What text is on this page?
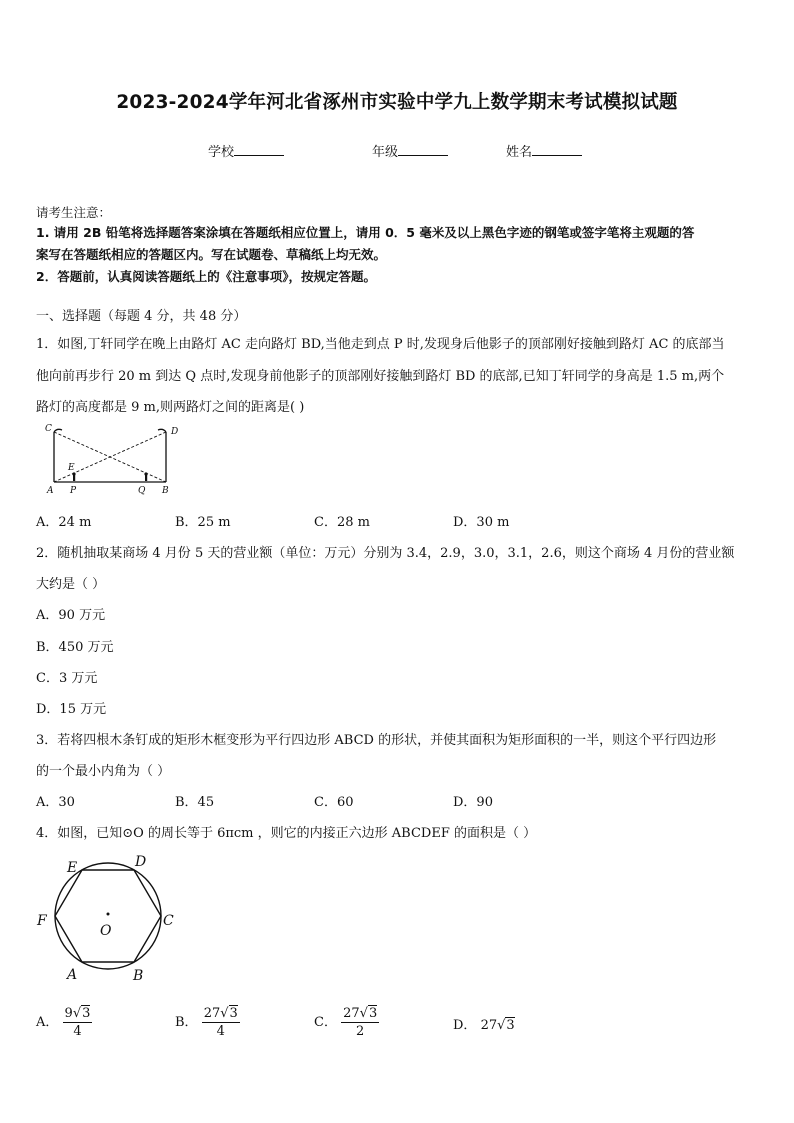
2023-2024学年河北省涿州市实验中学九上数学期末考试模拟试题
学校	年级	姓名
请考生注意：
1. 请用 2B 铅笔将选择题答案涂填在答题纸相应位置上，请用 0．5 毫米及以上黑色字迹的钢笔或签字笔将主观题的答
案写在答题纸相应的答题区内。写在试题卷、草稿纸上均无效。
2．答题前，认真阅读答题纸上的《注意事项》，按规定答题。
一、选择题（每题 4 分，共 48 分）
1．如图,丁轩同学在晚上由路灯 AC 走向路灯 BD,当他走到点 P 时,发现身后他影子的顶部刚好接触到路灯 AC 的底部当
他向前再步行 20 m 到达 Q 点时,发现身前他影子的顶部刚好接触到路灯 BD 的底部,已知丁轩同学的身高是 1.5 m,两个
路灯的高度都是 9 m,则两路灯之间的距离是( )
C	D
E
A P	Q B
A．24 m	B．25 m	C．28 m	D．30 m
2．随机抽取某商场 4 月份 5 天的营业额（单位：万元）分别为 3.4，2.9，3.0，3.1，2.6，则这个商场 4 月份的营业额
大约是（ ）
A．90 万元
B．450 万元
C．3 万元
D．15 万元
3．若将四根木条钉成的矩形木框变形为平行四边形 ABCD 的形状，并使其面积为矩形面积的一半，则这个平行四边形
的一个最小内角为（ ）
A．30	B．45	C．60	D．90
4．如图，已知⊙O 的周长等于 6πcm ，则它的内接正六边形 ABCDEF 的面积是（ ）
E	D
F	C
O
A	B
A． $\frac{9√3}{4}$	B． $\frac{27√3}{4}$	C． $\frac{27√3}{2}$	D． 27√3
